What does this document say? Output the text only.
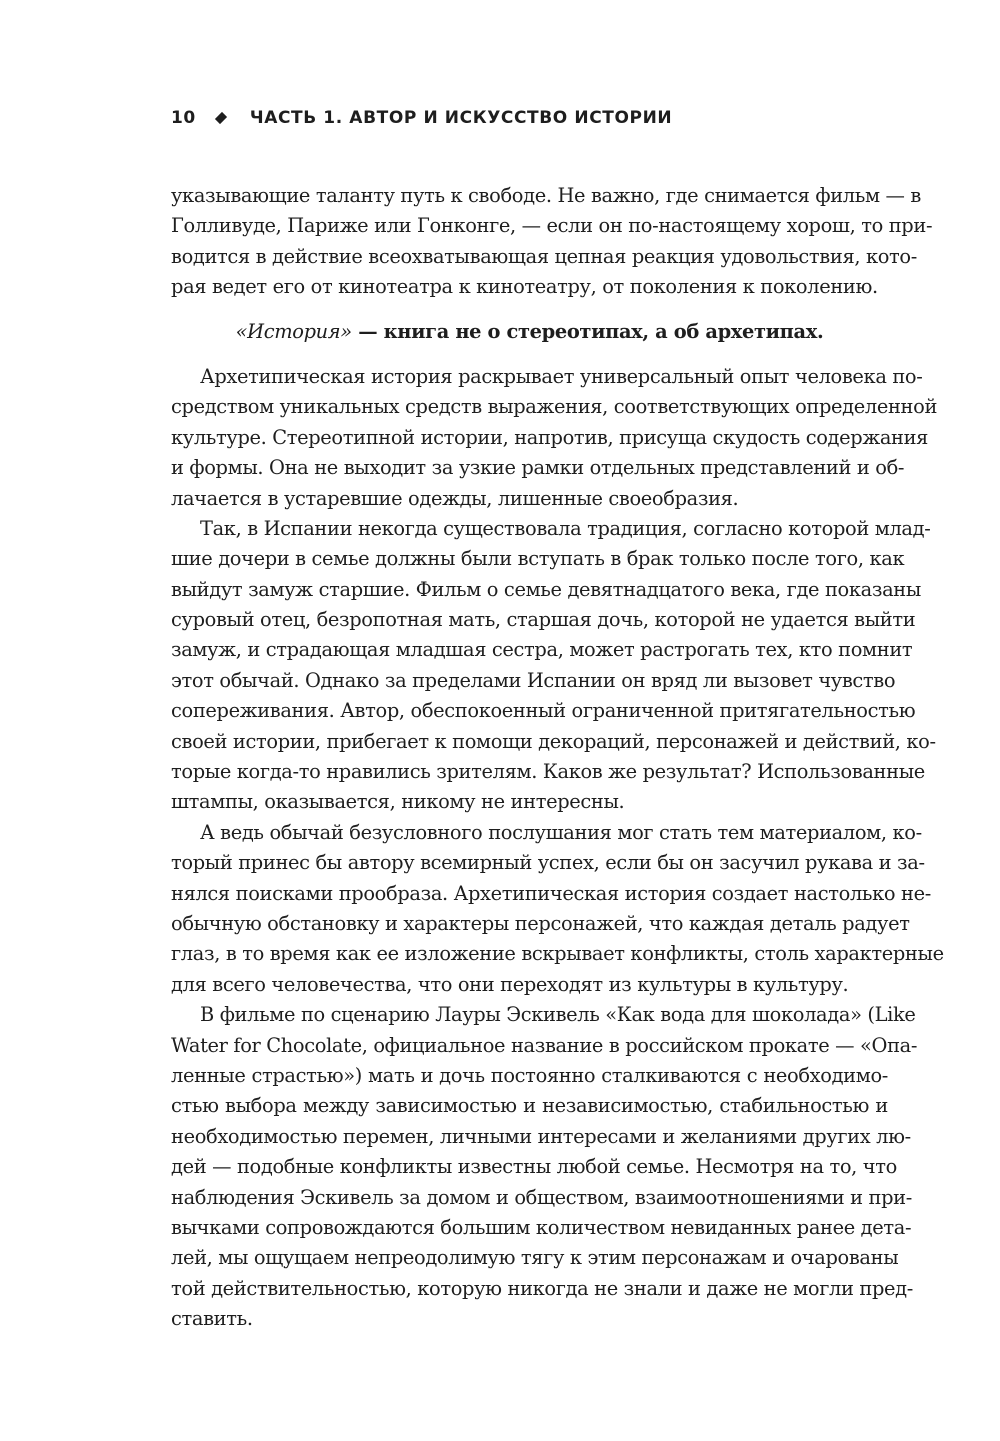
10	ЧАСТЬ 1. АВТОР И ИСКУССТВО ИСТОРИИ
указывающие таланту путь к свободе. Не важно, где снимается фильм — в
Голливуде, Париже или Гонконге, — если он по-настоящему хорош, то при-
водится в действие всеохватывающая цепная реакция удовольствия, кото-
рая ведет его от кинотеатра к кинотеатру, от поколения к поколению.
«История» — книга не о стереотипах, а об архетипах.
Архетипическая история раскрывает универсальный опыт человека по-
средством уникальных средств выражения, соответствующих определенной
культуре. Стереотипной истории, напротив, присуща скудость содержания
и формы. Она не выходит за узкие рамки отдельных представлений и об-
лачается в устаревшие одежды, лишенные своеобразия.
Так, в Испании некогда существовала традиция, согласно которой млад-
шие дочери в семье должны были вступать в брак только после того, как
выйдут замуж старшие. Фильм о семье девятнадцатого века, где показаны
суровый отец, безропотная мать, старшая дочь, которой не удается выйти
замуж, и страдающая младшая сестра, может растрогать тех, кто помнит
этот обычай. Однако за пределами Испании он вряд ли вызовет чувство
сопереживания. Автор, обеспокоенный ограниченной притягательностью
своей истории, прибегает к помощи декораций, персонажей и действий, ко-
торые когда-то нравились зрителям. Каков же результат? Использованные
штампы, оказывается, никому не интересны.
А ведь обычай безусловного послушания мог стать тем материалом, ко-
торый принес бы автору всемирный успех, если бы он засучил рукава и за-
нялся поисками прообраза. Архетипическая история создает настолько не-
обычную обстановку и характеры персонажей, что каждая деталь радует
глаз, в то время как ее изложение вскрывает конфликты, столь характерные
для всего человечества, что они переходят из культуры в культуру.
В фильме по сценарию Лауры Эскивель «Как вода для шоколада» (Like
Water for Chocolate, официальное название в российском прокате — «Опа-
ленные страстью») мать и дочь постоянно сталкиваются с необходимо-
стью выбора между зависимостью и независимостью, стабильностью и
необходимостью перемен, личными интересами и желаниями других лю-
дей — подобные конфликты известны любой семье. Несмотря на то, что
наблюдения Эскивель за домом и обществом, взаимоотношениями и при-
вычками сопровождаются большим количеством невиданных ранее дета-
лей, мы ощущаем непреодолимую тягу к этим персонажам и очарованы
той действительностью, которую никогда не знали и даже не могли пред-
ставить.
